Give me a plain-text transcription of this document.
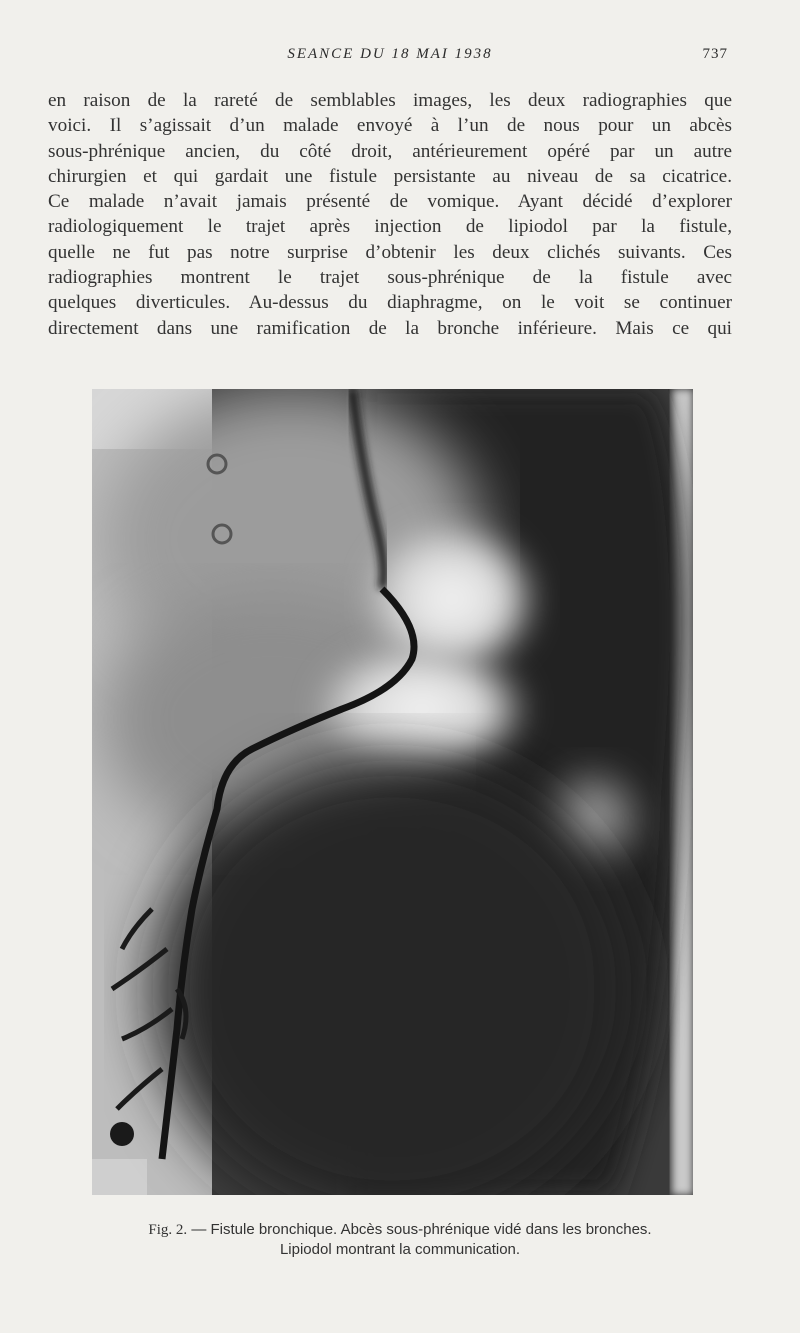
SEANCE DU 18 MAI 1938	737
en raison de la rareté de semblables images, les deux radiographies que
voici. Il s’agissait d’un malade envoyé à l’un de nous pour un abcès
sous-phrénique ancien, du côté droit, antérieurement opéré par un autre
chirurgien et qui gardait une fistule persistante au niveau de sa cicatrice.
Ce malade n’avait jamais présenté de vomique. Ayant décidé d’explorer
radiologiquement le trajet après injection de lipiodol par la fistule,
quelle ne fut pas notre surprise d’obtenir les deux clichés suivants. Ces
radiographies montrent le trajet sous-phrénique de la fistule avec
quelques diverticules. Au-dessus du diaphragme, on le voit se continuer
directement dans une ramification de la bronche inférieure. Mais ce qui
Fig. 2. — Fistule bronchique. Abcès sous-phrénique vidé dans les bronches.
Lipiodol montrant la communication.
